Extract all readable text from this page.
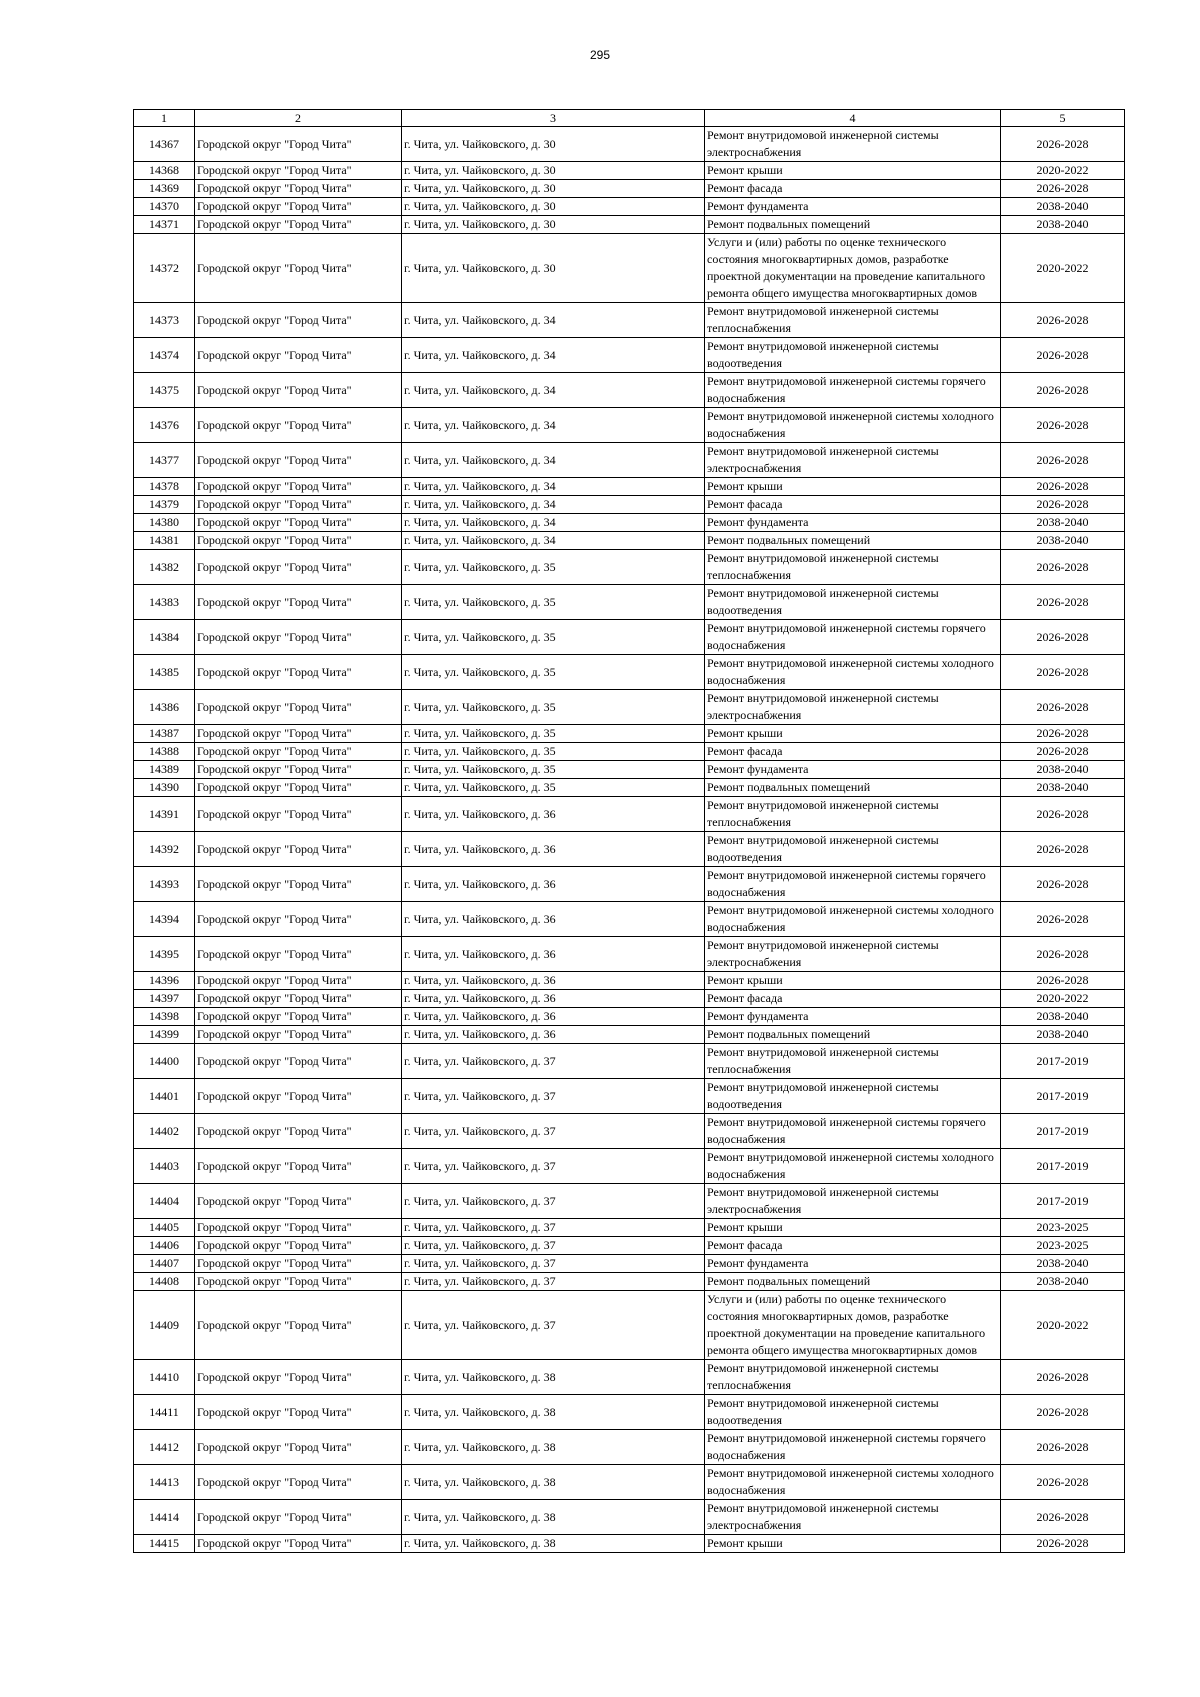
295
1	2	3	4	5
14367	Городской округ "Город Чита"	г. Чита, ул. Чайковского, д. 30	Ремонт внутридомовой инженерной системы электроснабжения	2026-2028
14368	Городской округ "Город Чита"	г. Чита, ул. Чайковского, д. 30	Ремонт крыши	2020-2022
14369	Городской округ "Город Чита"	г. Чита, ул. Чайковского, д. 30	Ремонт фасада	2026-2028
14370	Городской округ "Город Чита"	г. Чита, ул. Чайковского, д. 30	Ремонт фундамента	2038-2040
14371	Городской округ "Город Чита"	г. Чита, ул. Чайковского, д. 30	Ремонт подвальных помещений	2038-2040
14372	Городской округ "Город Чита"	г. Чита, ул. Чайковского, д. 30	Услуги и (или) работы по оценке технического состояния многоквартирных домов, разработке проектной документации на проведение капитального ремонта общего имущества многоквартирных домов	2020-2022
14373	Городской округ "Город Чита"	г. Чита, ул. Чайковского, д. 34	Ремонт внутридомовой инженерной системы теплоснабжения	2026-2028
14374	Городской округ "Город Чита"	г. Чита, ул. Чайковского, д. 34	Ремонт внутридомовой инженерной системы водоотведения	2026-2028
14375	Городской округ "Город Чита"	г. Чита, ул. Чайковского, д. 34	Ремонт внутридомовой инженерной системы горячего водоснабжения	2026-2028
14376	Городской округ "Город Чита"	г. Чита, ул. Чайковского, д. 34	Ремонт внутридомовой инженерной системы холодного водоснабжения	2026-2028
14377	Городской округ "Город Чита"	г. Чита, ул. Чайковского, д. 34	Ремонт внутридомовой инженерной системы электроснабжения	2026-2028
14378	Городской округ "Город Чита"	г. Чита, ул. Чайковского, д. 34	Ремонт крыши	2026-2028
14379	Городской округ "Город Чита"	г. Чита, ул. Чайковского, д. 34	Ремонт фасада	2026-2028
14380	Городской округ "Город Чита"	г. Чита, ул. Чайковского, д. 34	Ремонт фундамента	2038-2040
14381	Городской округ "Город Чита"	г. Чита, ул. Чайковского, д. 34	Ремонт подвальных помещений	2038-2040
14382	Городской округ "Город Чита"	г. Чита, ул. Чайковского, д. 35	Ремонт внутридомовой инженерной системы теплоснабжения	2026-2028
14383	Городской округ "Город Чита"	г. Чита, ул. Чайковского, д. 35	Ремонт внутридомовой инженерной системы водоотведения	2026-2028
14384	Городской округ "Город Чита"	г. Чита, ул. Чайковского, д. 35	Ремонт внутридомовой инженерной системы горячего водоснабжения	2026-2028
14385	Городской округ "Город Чита"	г. Чита, ул. Чайковского, д. 35	Ремонт внутридомовой инженерной системы холодного водоснабжения	2026-2028
14386	Городской округ "Город Чита"	г. Чита, ул. Чайковского, д. 35	Ремонт внутридомовой инженерной системы электроснабжения	2026-2028
14387	Городской округ "Город Чита"	г. Чита, ул. Чайковского, д. 35	Ремонт крыши	2026-2028
14388	Городской округ "Город Чита"	г. Чита, ул. Чайковского, д. 35	Ремонт фасада	2026-2028
14389	Городской округ "Город Чита"	г. Чита, ул. Чайковского, д. 35	Ремонт фундамента	2038-2040
14390	Городской округ "Город Чита"	г. Чита, ул. Чайковского, д. 35	Ремонт подвальных помещений	2038-2040
14391	Городской округ "Город Чита"	г. Чита, ул. Чайковского, д. 36	Ремонт внутридомовой инженерной системы теплоснабжения	2026-2028
14392	Городской округ "Город Чита"	г. Чита, ул. Чайковского, д. 36	Ремонт внутридомовой инженерной системы водоотведения	2026-2028
14393	Городской округ "Город Чита"	г. Чита, ул. Чайковского, д. 36	Ремонт внутридомовой инженерной системы горячего водоснабжения	2026-2028
14394	Городской округ "Город Чита"	г. Чита, ул. Чайковского, д. 36	Ремонт внутридомовой инженерной системы холодного водоснабжения	2026-2028
14395	Городской округ "Город Чита"	г. Чита, ул. Чайковского, д. 36	Ремонт внутридомовой инженерной системы электроснабжения	2026-2028
14396	Городской округ "Город Чита"	г. Чита, ул. Чайковского, д. 36	Ремонт крыши	2026-2028
14397	Городской округ "Город Чита"	г. Чита, ул. Чайковского, д. 36	Ремонт фасада	2020-2022
14398	Городской округ "Город Чита"	г. Чита, ул. Чайковского, д. 36	Ремонт фундамента	2038-2040
14399	Городской округ "Город Чита"	г. Чита, ул. Чайковского, д. 36	Ремонт подвальных помещений	2038-2040
14400	Городской округ "Город Чита"	г. Чита, ул. Чайковского, д. 37	Ремонт внутридомовой инженерной системы теплоснабжения	2017-2019
14401	Городской округ "Город Чита"	г. Чита, ул. Чайковского, д. 37	Ремонт внутридомовой инженерной системы водоотведения	2017-2019
14402	Городской округ "Город Чита"	г. Чита, ул. Чайковского, д. 37	Ремонт внутридомовой инженерной системы горячего водоснабжения	2017-2019
14403	Городской округ "Город Чита"	г. Чита, ул. Чайковского, д. 37	Ремонт внутридомовой инженерной системы холодного водоснабжения	2017-2019
14404	Городской округ "Город Чита"	г. Чита, ул. Чайковского, д. 37	Ремонт внутридомовой инженерной системы электроснабжения	2017-2019
14405	Городской округ "Город Чита"	г. Чита, ул. Чайковского, д. 37	Ремонт крыши	2023-2025
14406	Городской округ "Город Чита"	г. Чита, ул. Чайковского, д. 37	Ремонт фасада	2023-2025
14407	Городской округ "Город Чита"	г. Чита, ул. Чайковского, д. 37	Ремонт фундамента	2038-2040
14408	Городской округ "Город Чита"	г. Чита, ул. Чайковского, д. 37	Ремонт подвальных помещений	2038-2040
14409	Городской округ "Город Чита"	г. Чита, ул. Чайковского, д. 37	Услуги и (или) работы по оценке технического состояния многоквартирных домов, разработке проектной документации на проведение капитального ремонта общего имущества многоквартирных домов	2020-2022
14410	Городской округ "Город Чита"	г. Чита, ул. Чайковского, д. 38	Ремонт внутридомовой инженерной системы теплоснабжения	2026-2028
14411	Городской округ "Город Чита"	г. Чита, ул. Чайковского, д. 38	Ремонт внутридомовой инженерной системы водоотведения	2026-2028
14412	Городской округ "Город Чита"	г. Чита, ул. Чайковского, д. 38	Ремонт внутридомовой инженерной системы горячего водоснабжения	2026-2028
14413	Городской округ "Город Чита"	г. Чита, ул. Чайковского, д. 38	Ремонт внутридомовой инженерной системы холодного водоснабжения	2026-2028
14414	Городской округ "Город Чита"	г. Чита, ул. Чайковского, д. 38	Ремонт внутридомовой инженерной системы электроснабжения	2026-2028
14415	Городской округ "Город Чита"	г. Чита, ул. Чайковского, д. 38	Ремонт крыши	2026-2028
